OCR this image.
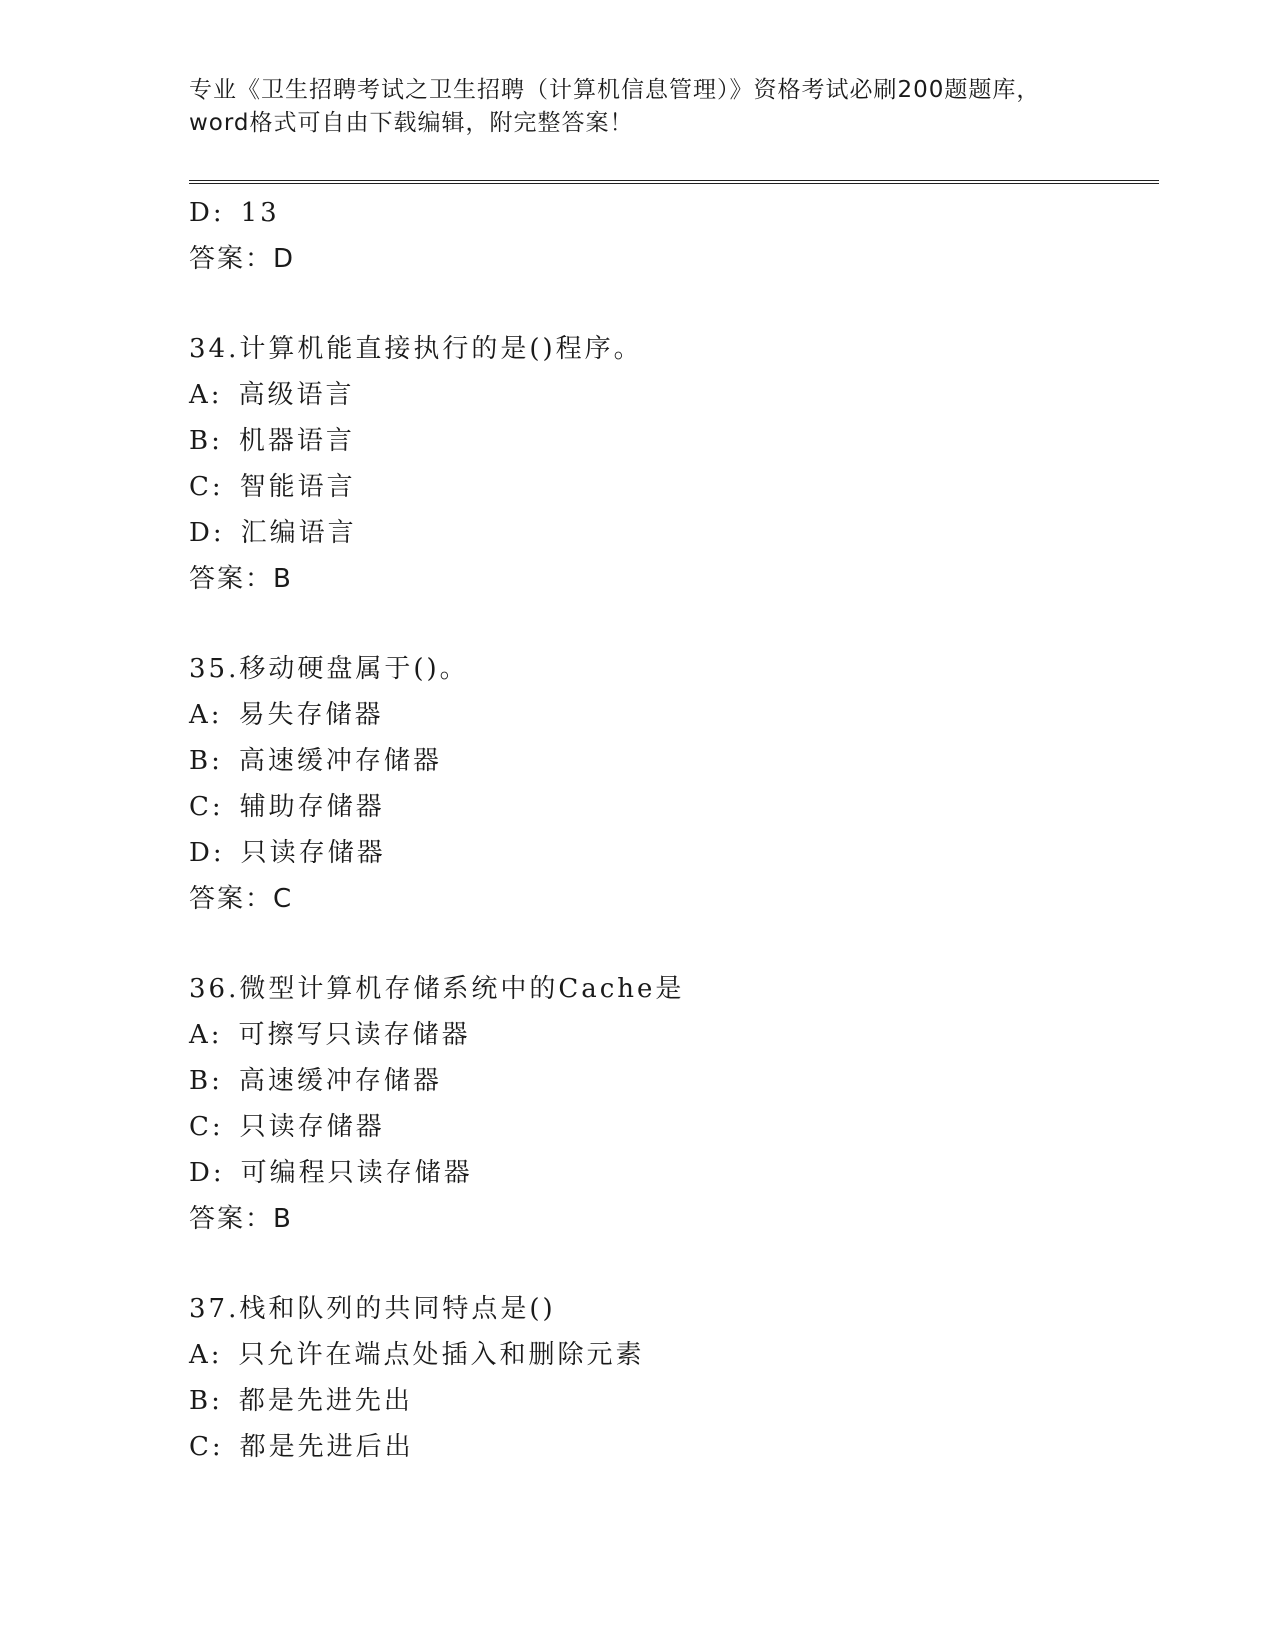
专业《卫生招聘考试之卫生招聘（计算机信息管理）》资格考试必刷200题题库，
word格式可自由下载编辑，附完整答案！
D: 13
答案：D
34.计算机能直接执行的是()程序。
A: 高级语言
B: 机器语言
C: 智能语言
D: 汇编语言
答案：B
35.移动硬盘属于()。
A: 易失存储器
B: 高速缓冲存储器
C: 辅助存储器
D: 只读存储器
答案：C
36.微型计算机存储系统中的Cache是
A: 可擦写只读存储器
B: 高速缓冲存储器
C: 只读存储器
D: 可编程只读存储器
答案：B
37.栈和队列的共同特点是()
A: 只允许在端点处插入和删除元素
B: 都是先进先出
C: 都是先进后出
